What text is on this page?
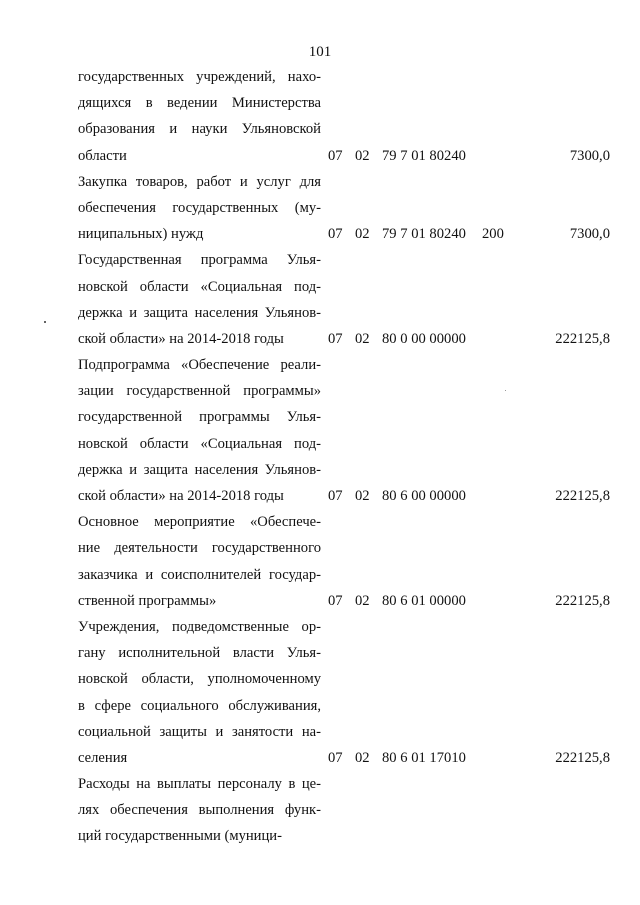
101
государственных учреждений, нахо-
дящихся в ведении Министерства
образования и науки Ульяновской
области	07 02 79 7 01 80240	7300,0
Закупка товаров, работ и услуг для
обеспечения государственных (му-
ниципальных) нужд	07 02 79 7 01 80240 200	7300,0
Государственная программа Улья-
новской области «Социальная под-
держка и защита населения Ульянов-
ской области» на 2014-2018 годы	07 02 80 0 00 00000	222125,8
Подпрограмма «Обеспечение реали-
зации государственной программы»
государственной программы Улья-
новской области «Социальная под-
держка и защита населения Ульянов-
ской области» на 2014-2018 годы	07 02 80 6 00 00000	222125,8
Основное мероприятие «Обеспече-
ние деятельности государственного
заказчика и соисполнителей государ-
ственной программы»	07 02 80 6 01 00000	222125,8
Учреждения, подведомственные ор-
гану исполнительной власти Улья-
новской области, уполномоченному
в сфере социального обслуживания,
социальной защиты и занятости на-
селения	07 02 80 6 01 17010	222125,8
Расходы на выплаты персоналу в це-
лях обеспечения выполнения функ-
ций государственными (муници-
